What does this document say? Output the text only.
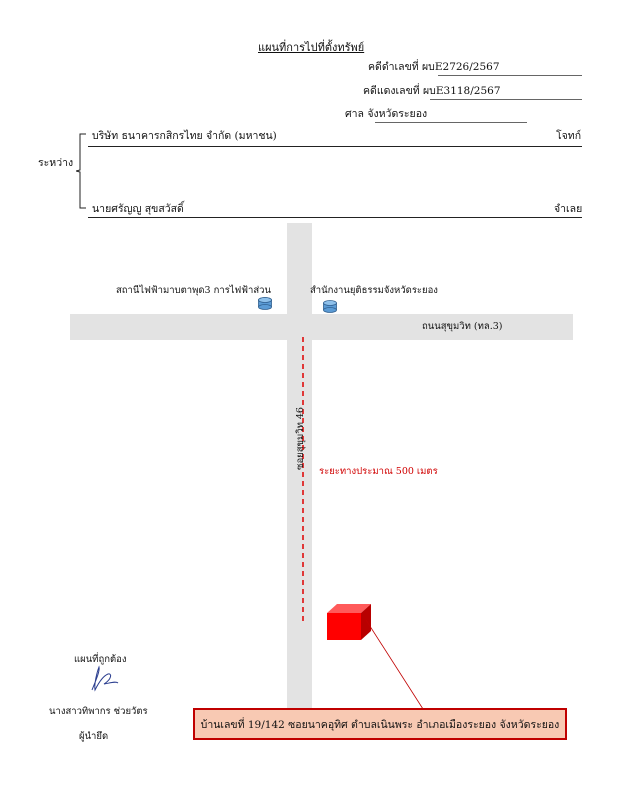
แผนที่การไปที่ตั้งทรัพย์
คดีดำเลขที่ ผบE2726/2567
คดีแดงเลขที่ ผบE3118/2567
ศาล จังหวัดระยอง
ระหว่าง
บริษัท ธนาคารกสิกรไทย จำกัด (มหาชน)	โจทก์
นายศรัญญู สุขสวัสดิ์	จำเลย
สถานีไฟฟ้ามาบตาพุด3 การไฟฟ้าส่วน	สำนักงานยุติธรรมจังหวัดระยอง
ถนนสุขุมวิท (ทล.3)
ซอยสุขุมวิท 46
ระยะทางประมาณ 500 เมตร
บ้านเลขที่ 19/142 ซอยนาคอุทิศ ตำบลเนินพระ อำเภอเมืองระยอง จังหวัดระยอง
แผนที่ถูกต้อง
นางสาวทิพากร ช่วยวัตร
ผู้นำยึด
